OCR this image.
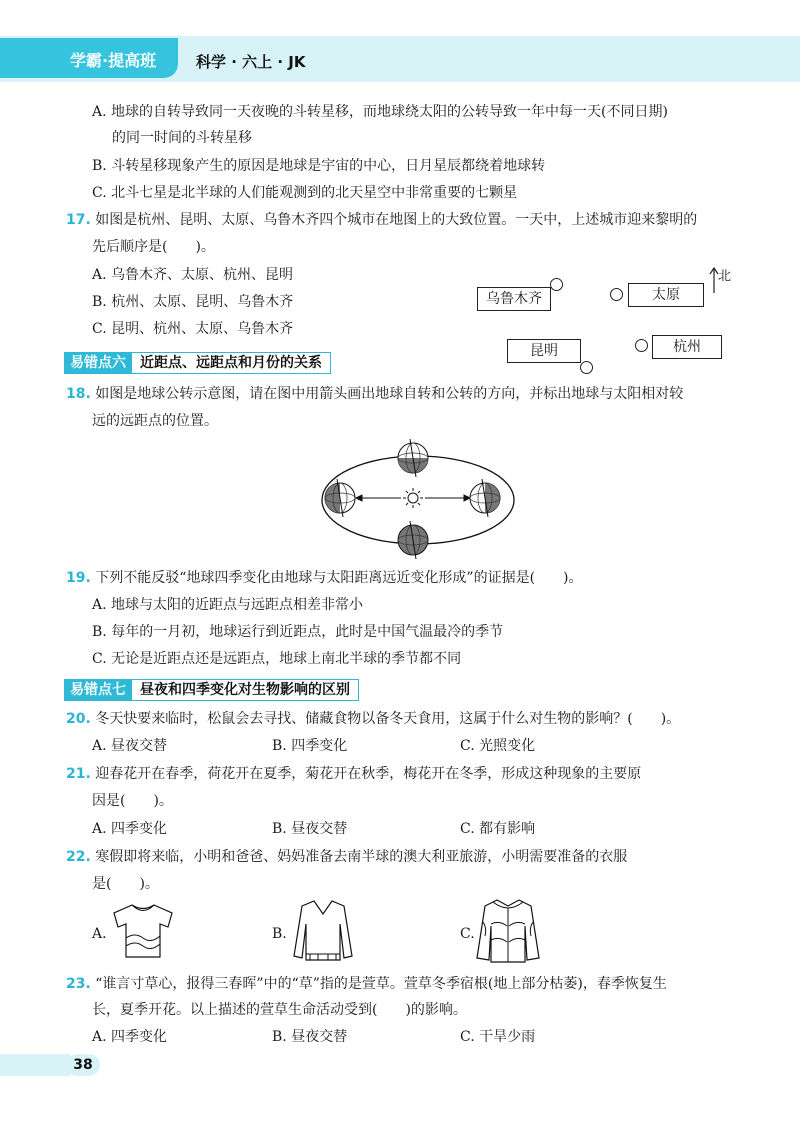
学霸·提高班	科学 · 六上 · JK
A. 地球的自转导致同一天夜晚的斗转星移，而地球绕太阳的公转导致一年中每一天(不同日期)
的同一时间的斗转星移
B. 斗转星移现象产生的原因是地球是宇宙的中心，日月星辰都绕着地球转
C. 北斗七星是北半球的人们能观测到的北天星空中非常重要的七颗星
17. 如图是杭州、昆明、太原、乌鲁木齐四个城市在地图上的大致位置。一天中，上述城市迎来黎明的
先后顺序是(　　)。
A. 乌鲁木齐、太原、杭州、昆明
B. 杭州、太原、昆明、乌鲁木齐
C. 昆明、杭州、太原、乌鲁木齐
乌鲁木齐	太原
昆明	杭州
北
易错点六	近距点、远距点和月份的关系
18. 如图是地球公转示意图，请在图中用箭头画出地球自转和公转的方向，并标出地球与太阳相对较
远的远距点的位置。
19. 下列不能反驳“地球四季变化由地球与太阳距离远近变化形成”的证据是(　　)。
A. 地球与太阳的近距点与远距点相差非常小
B. 每年的一月初，地球运行到近距点，此时是中国气温最冷的季节
C. 无论是近距点还是远距点，地球上南北半球的季节都不同
易错点七	昼夜和四季变化对生物影响的区别
20. 冬天快要来临时，松鼠会去寻找、储藏食物以备冬天食用，这属于什么对生物的影响？(　　)。
A. 昼夜交替	B. 四季变化	C. 光照变化
21. 迎春花开在春季，荷花开在夏季，菊花开在秋季，梅花开在冬季，形成这种现象的主要原
因是(　　)。
A. 四季变化	B. 昼夜交替	C. 都有影响
22. 寒假即将来临，小明和爸爸、妈妈准备去南半球的澳大利亚旅游，小明需要准备的衣服
是(　　)。
A.	B.	C.
23. “谁言寸草心，报得三春晖”中的“草”指的是萱草。萱草冬季宿根(地上部分枯萎)，春季恢复生
长，夏季开花。以上描述的萱草生命活动受到(　　)的影响。
A. 四季变化	B. 昼夜交替	C. 干旱少雨
38
